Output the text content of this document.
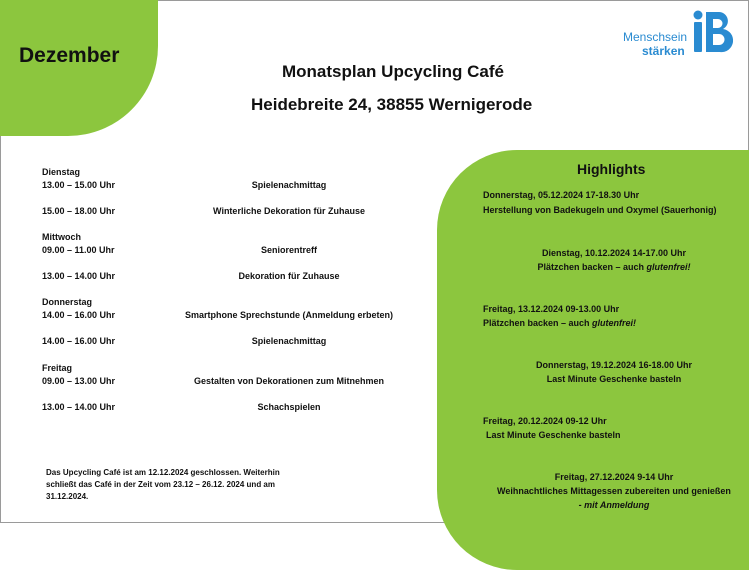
Dezember
Monatsplan Upcycling Café
Heidebreite 24, 38855 Wernigerode
Menschsein
stärken
Dienstag
13.00 – 15.00 Uhr	Spielenachmittag
15.00 – 18.00 Uhr	Winterliche Dekoration für Zuhause
Mittwoch
09.00 – 11.00 Uhr	Seniorentreff
13.00 – 14.00 Uhr	Dekoration für Zuhause
Donnerstag
14.00 – 16.00 Uhr	Smartphone Sprechstunde (Anmeldung erbeten)
14.00 – 16.00 Uhr	Spielenachmittag
Freitag
09.00 – 13.00 Uhr	Gestalten von Dekorationen zum Mitnehmen
13.00 – 14.00 Uhr	Schachspielen
Das Upcycling Café ist am 12.12.2024 geschlossen. Weiterhin
schließt das Café in der Zeit vom 23.12 – 26.12. 2024 und am
31.12.2024.
Highlights
Donnerstag, 05.12.2024 17-18.30 Uhr
Herstellung von Badekugeln und Oxymel (Sauerhonig)
Dienstag, 10.12.2024 14-17.00 Uhr
Plätzchen backen – auch glutenfrei!
Freitag, 13.12.2024 09-13.00 Uhr
Plätzchen backen – auch glutenfrei!
Donnerstag, 19.12.2024 16-18.00 Uhr
Last Minute Geschenke basteln
Freitag, 20.12.2024 09-12 Uhr
Last Minute Geschenke basteln
Freitag, 27.12.2024 9-14 Uhr
Weihnachtliches Mittagessen zubereiten und genießen
- mit Anmeldung
